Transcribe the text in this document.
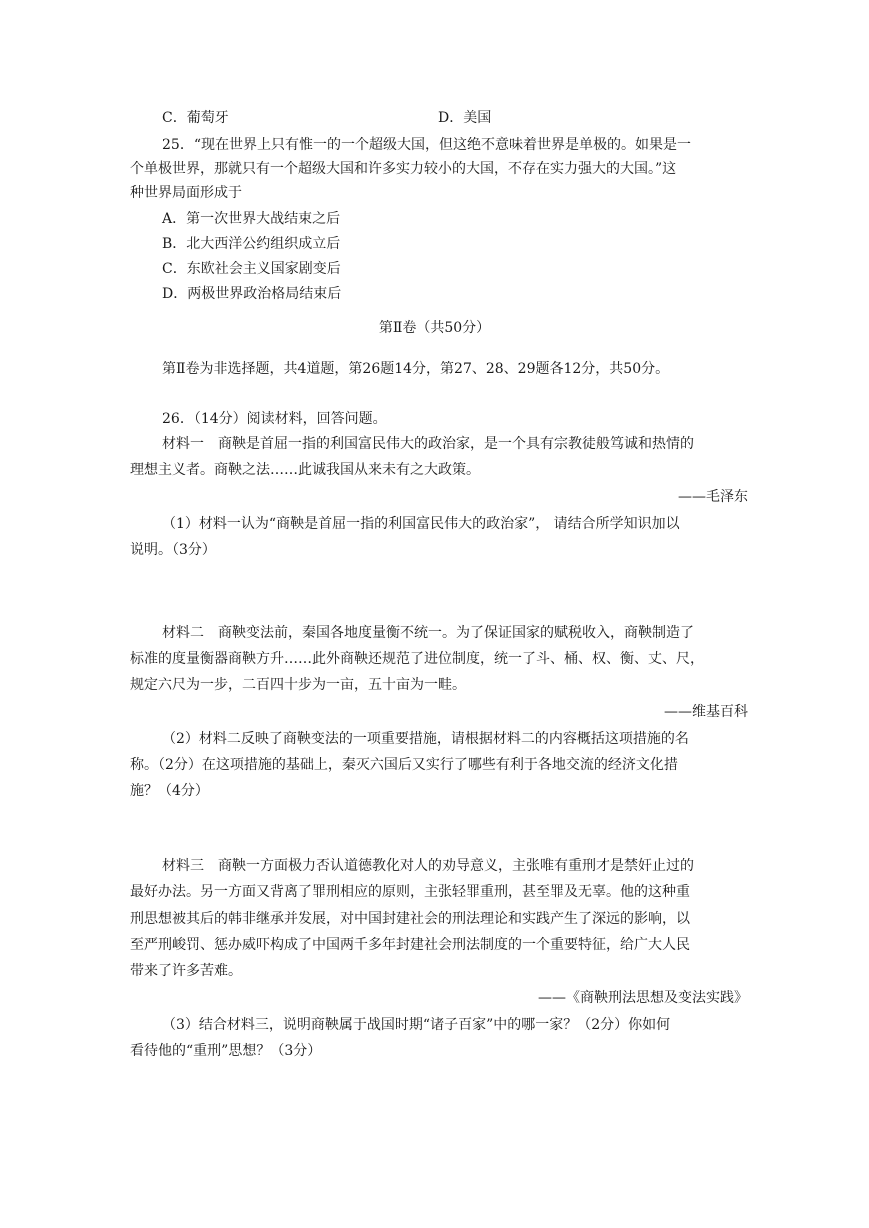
C．葡萄牙	D．美国
25．“现在世界上只有惟一的一个超级大国，但这绝不意味着世界是单极的。如果是一
个单极世界，那就只有一个超级大国和许多实力较小的大国，不存在实力强大的大国。”这
种世界局面形成于
A．第一次世界大战结束之后
B．北大西洋公约组织成立后
C．东欧社会主义国家剧变后
D．两极世界政治格局结束后
第Ⅱ卷（共50分）
第Ⅱ卷为非选择题，共4道题，第26题14分，第27、28、29题各12分，共50分。
26．（14分）阅读材料，回答问题。
材料一　商鞅是首屈一指的利国富民伟大的政治家，是一个具有宗教徒般笃诚和热情的
理想主义者。商鞅之法……此诚我国从来未有之大政策。
——毛泽东
（1）材料一认为“商鞅是首屈一指的利国富民伟大的政治家”， 请结合所学知识加以
说明。（3分）
材料二　商鞅变法前，秦国各地度量衡不统一。为了保证国家的赋税收入，商鞅制造了
标准的度量衡器商鞅方升……此外商鞅还规范了进位制度，统一了斗、桶、权、衡、丈、尺，
规定六尺为一步，二百四十步为一亩，五十亩为一畦。
——维基百科
（2）材料二反映了商鞅变法的一项重要措施，请根据材料二的内容概括这项措施的名
称。（2分）在这项措施的基础上，秦灭六国后又实行了哪些有利于各地交流的经济文化措
施？（4分）
材料三　商鞅一方面极力否认道德教化对人的劝导意义，主张唯有重刑才是禁奸止过的
最好办法。另一方面又背离了罪刑相应的原则，主张轻罪重刑，甚至罪及无辜。他的这种重
刑思想被其后的韩非继承并发展，对中国封建社会的刑法理论和实践产生了深远的影响，以
至严刑峻罚、惩办威吓构成了中国两千多年封建社会刑法制度的一个重要特征，给广大人民
带来了许多苦难。
——《商鞅刑法思想及变法实践》
（3）结合材料三，说明商鞅属于战国时期“诸子百家”中的哪一家？（2分）你如何
看待他的“重刑”思想？（3分）
